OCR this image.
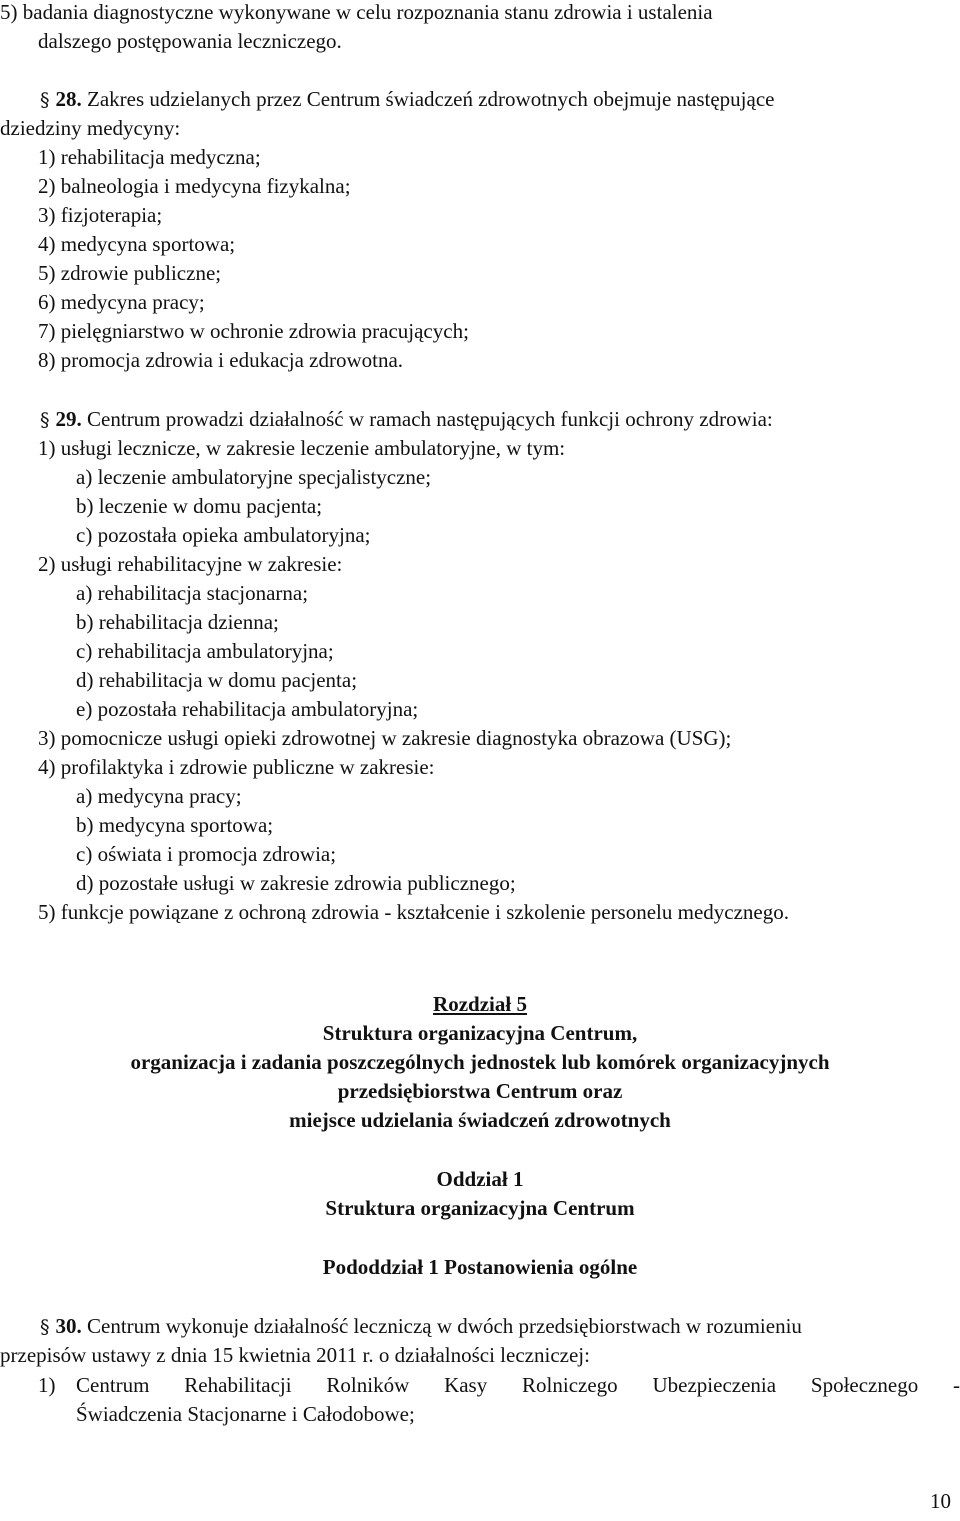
5) badania diagnostyczne wykonywane w celu rozpoznania stanu zdrowia i ustalenia
dalszego postępowania leczniczego.
§ 28. Zakres udzielanych przez Centrum świadczeń zdrowotnych obejmuje następujące
dziedziny medycyny:
1) rehabilitacja medyczna;
2) balneologia i medycyna fizykalna;
3) fizjoterapia;
4) medycyna sportowa;
5) zdrowie publiczne;
6) medycyna pracy;
7) pielęgniarstwo w ochronie zdrowia pracujących;
8) promocja zdrowia i edukacja zdrowotna.
§ 29. Centrum prowadzi działalność w ramach następujących funkcji ochrony zdrowia:
1) usługi lecznicze, w zakresie leczenie ambulatoryjne, w tym:
a) leczenie ambulatoryjne specjalistyczne;
b) leczenie w domu pacjenta;
c) pozostała opieka ambulatoryjna;
2) usługi rehabilitacyjne w zakresie:
a) rehabilitacja stacjonarna;
b) rehabilitacja dzienna;
c) rehabilitacja ambulatoryjna;
d) rehabilitacja w domu pacjenta;
e) pozostała rehabilitacja ambulatoryjna;
3) pomocnicze usługi opieki zdrowotnej w zakresie diagnostyka obrazowa (USG);
4) profilaktyka i zdrowie publiczne w zakresie:
a) medycyna pracy;
b) medycyna sportowa;
c) oświata i promocja zdrowia;
d) pozostałe usługi w zakresie zdrowia publicznego;
5) funkcje powiązane z ochroną zdrowia - kształcenie i szkolenie personelu medycznego.
Rozdział 5
Struktura organizacyjna Centrum,
organizacja i zadania poszczególnych jednostek lub komórek organizacyjnych
przedsiębiorstwa Centrum oraz
miejsce udzielania świadczeń zdrowotnych
Oddział 1
Struktura organizacyjna Centrum
Pododdział 1 Postanowienia ogólne
§ 30. Centrum wykonuje działalność leczniczą w dwóch przedsiębiorstwach w rozumieniu
przepisów ustawy z dnia 15 kwietnia 2011 r. o działalności leczniczej:
1) Centrum Rehabilitacji Rolników Kasy Rolniczego Ubezpieczenia Społecznego -
Świadczenia Stacjonarne i Całodobowe;
10
